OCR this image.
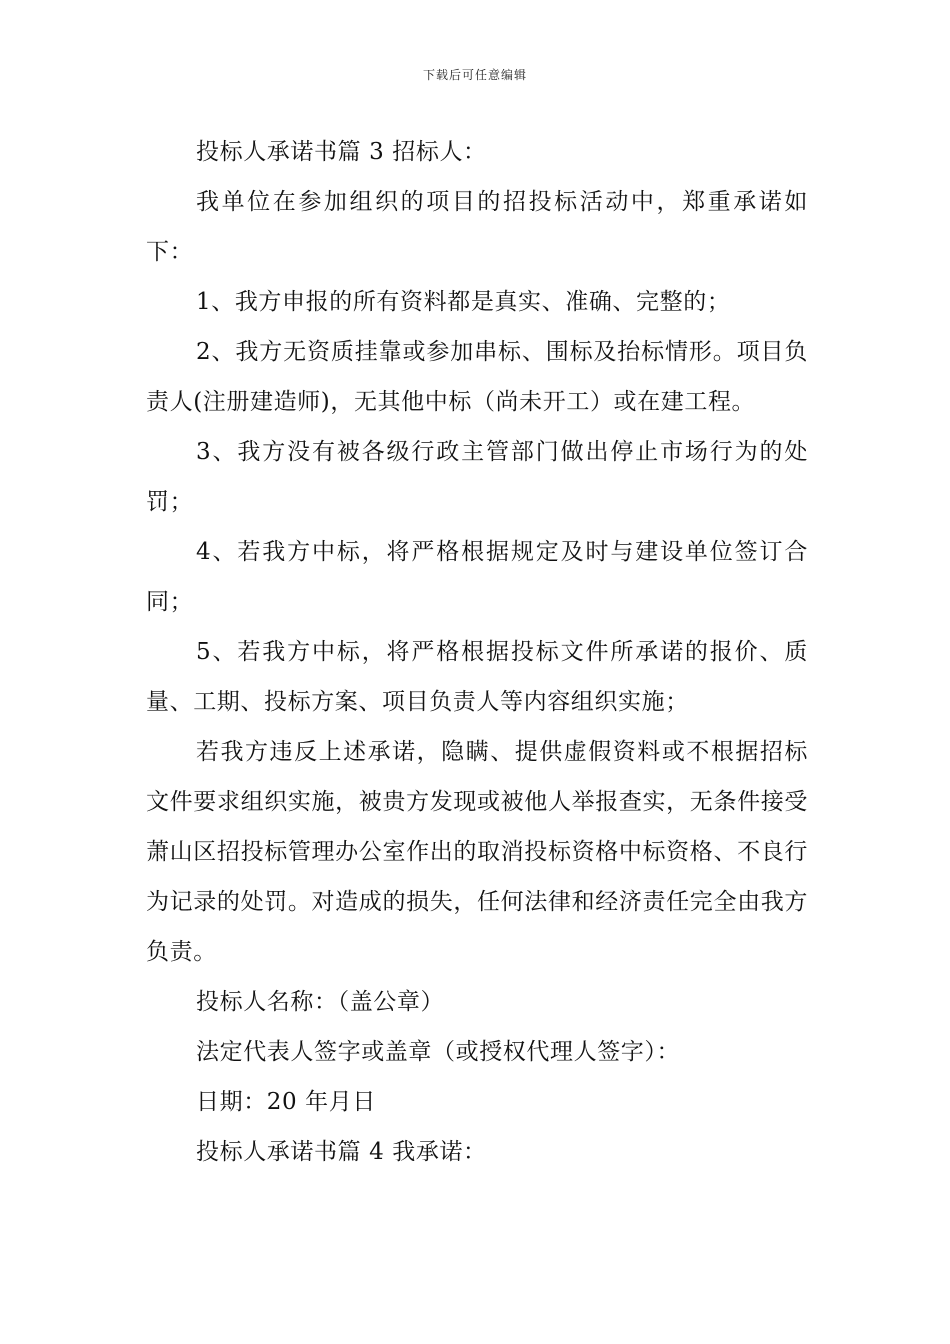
下载后可任意编辑

投标人承诺书篇 3 招标人：

我单位在参加组织的项目的招投标活动中，郑重承诺如下：

1、我方申报的所有资料都是真实、准确、完整的；

2、我方无资质挂靠或参加串标、围标及抬标情形。项目负责人(注册建造师)，无其他中标（尚未开工）或在建工程。

3、我方没有被各级行政主管部门做出停止市场行为的处罚；

4、若我方中标，将严格根据规定及时与建设单位签订合同；

5、若我方中标，将严格根据投标文件所承诺的报价、质量、工期、投标方案、项目负责人等内容组织实施；

若我方违反上述承诺，隐瞒、提供虚假资料或不根据招标文件要求组织实施，被贵方发现或被他人举报查实，无条件接受萧山区招投标管理办公室作出的取消投标资格中标资格、不良行为记录的处罚。对造成的损失，任何法律和经济责任完全由我方负责。

投标人名称：（盖公章）

法定代表人签字或盖章（或授权代理人签字）：

日期：20 年月日

投标人承诺书篇 4 我承诺：
